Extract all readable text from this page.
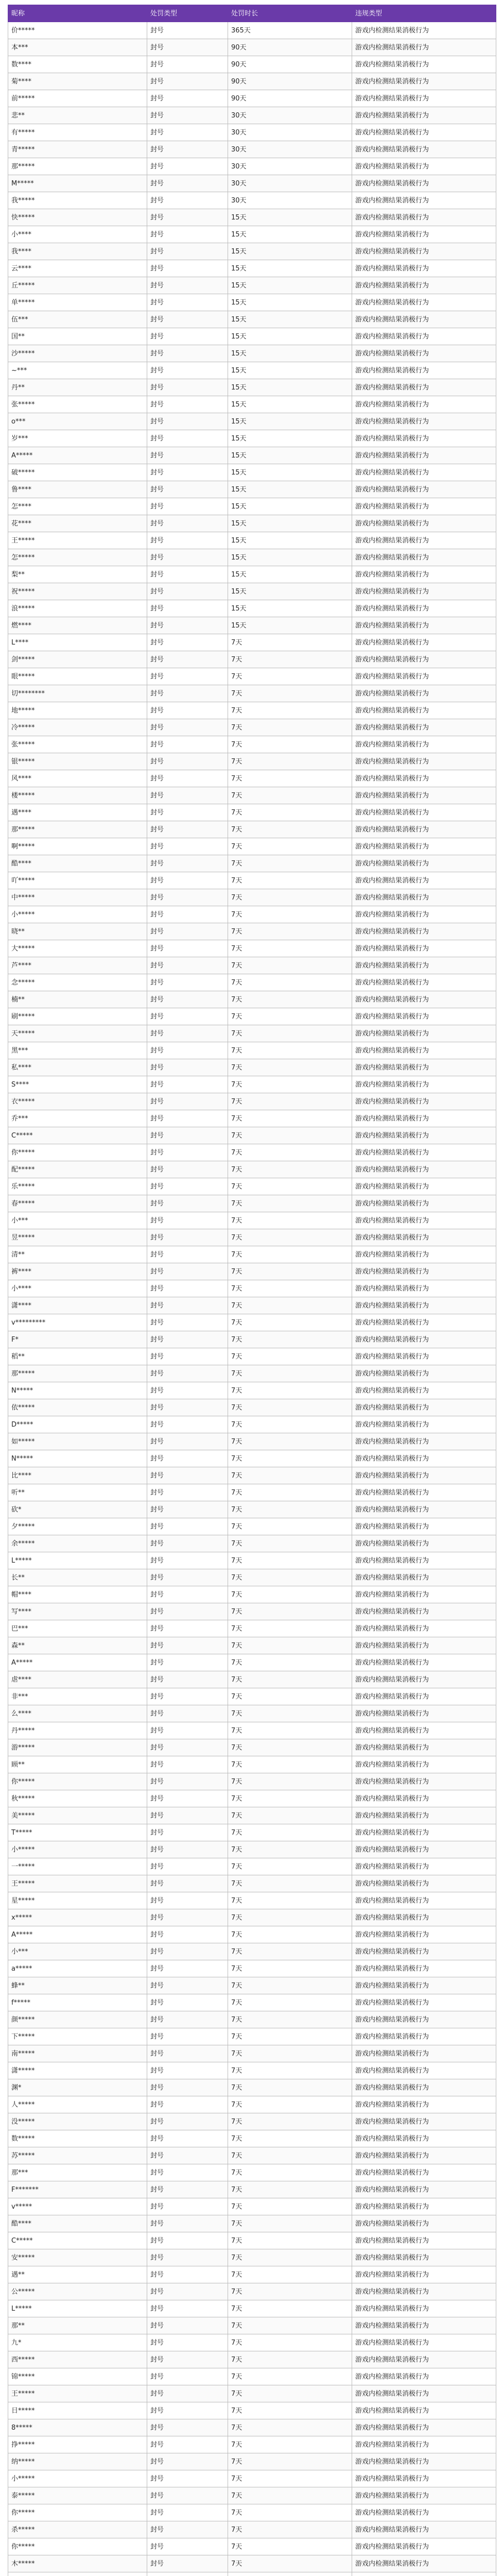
昵称	处罚类型	处罚时长	违规类型
价*****	封号	365天	游戏内检测结果消极行为
本***	封号	90天	游戏内检测结果消极行为
数****	封号	90天	游戏内检测结果消极行为
菊****	封号	90天	游戏内检测结果消极行为
前*****	封号	90天	游戏内检测结果消极行为
悲**	封号	30天	游戏内检测结果消极行为
有*****	封号	30天	游戏内检测结果消极行为
青*****	封号	30天	游戏内检测结果消极行为
那*****	封号	30天	游戏内检测结果消极行为
M*****	封号	30天	游戏内检测结果消极行为
我*****	封号	30天	游戏内检测结果消极行为
快*****	封号	15天	游戏内检测结果消极行为
小****	封号	15天	游戏内检测结果消极行为
我****	封号	15天	游戏内检测结果消极行为
云****	封号	15天	游戏内检测结果消极行为
丘*****	封号	15天	游戏内检测结果消极行为
单*****	封号	15天	游戏内检测结果消极行为
伍***	封号	15天	游戏内检测结果消极行为
国**	封号	15天	游戏内检测结果消极行为
沙*****	封号	15天	游戏内检测结果消极行为
~***	封号	15天	游戏内检测结果消极行为
丹**	封号	15天	游戏内检测结果消极行为
张*****	封号	15天	游戏内检测结果消极行为
o***	封号	15天	游戏内检测结果消极行为
岁***	封号	15天	游戏内检测结果消极行为
A*****	封号	15天	游戏内检测结果消极行为
破*****	封号	15天	游戏内检测结果消极行为
鲁****	封号	15天	游戏内检测结果消极行为
怎****	封号	15天	游戏内检测结果消极行为
花****	封号	15天	游戏内检测结果消极行为
王*****	封号	15天	游戏内检测结果消极行为
怎*****	封号	15天	游戏内检测结果消极行为
梨**	封号	15天	游戏内检测结果消极行为
祝*****	封号	15天	游戏内检测结果消极行为
浪*****	封号	15天	游戏内检测结果消极行为
燃****	封号	15天	游戏内检测结果消极行为
L****	封号	7天	游戏内检测结果消极行为
剑*****	封号	7天	游戏内检测结果消极行为
眼*****	封号	7天	游戏内检测结果消极行为
切********	封号	7天	游戏内检测结果消极行为
地*****	封号	7天	游戏内检测结果消极行为
冷*****	封号	7天	游戏内检测结果消极行为
张*****	封号	7天	游戏内检测结果消极行为
银*****	封号	7天	游戏内检测结果消极行为
风****	封号	7天	游戏内检测结果消极行为
楼*****	封号	7天	游戏内检测结果消极行为
遇****	封号	7天	游戏内检测结果消极行为
那*****	封号	7天	游戏内检测结果消极行为
啊*****	封号	7天	游戏内检测结果消极行为
酷****	封号	7天	游戏内检测结果消极行为
吖*****	封号	7天	游戏内检测结果消极行为
中*****	封号	7天	游戏内检测结果消极行为
小*****	封号	7天	游戏内检测结果消极行为
晓**	封号	7天	游戏内检测结果消极行为
大*****	封号	7天	游戏内检测结果消极行为
芦****	封号	7天	游戏内检测结果消极行为
念*****	封号	7天	游戏内检测结果消极行为
楠**	封号	7天	游戏内检测结果消极行为
刷*****	封号	7天	游戏内检测结果消极行为
天*****	封号	7天	游戏内检测结果消极行为
黑***	封号	7天	游戏内检测结果消极行为
私****	封号	7天	游戏内检测结果消极行为
S****	封号	7天	游戏内检测结果消极行为
衣*****	封号	7天	游戏内检测结果消极行为
乔***	封号	7天	游戏内检测结果消极行为
C*****	封号	7天	游戏内检测结果消极行为
你*****	封号	7天	游戏内检测结果消极行为
配*****	封号	7天	游戏内检测结果消极行为
乐*****	封号	7天	游戏内检测结果消极行为
春*****	封号	7天	游戏内检测结果消极行为
小***	封号	7天	游戏内检测结果消极行为
昱*****	封号	7天	游戏内检测结果消极行为
清**	封号	7天	游戏内检测结果消极行为
裤****	封号	7天	游戏内检测结果消极行为
小****	封号	7天	游戏内检测结果消极行为
潇****	封号	7天	游戏内检测结果消极行为
v*********	封号	7天	游戏内检测结果消极行为
F*	封号	7天	游戏内检测结果消极行为
稻**	封号	7天	游戏内检测结果消极行为
那*****	封号	7天	游戏内检测结果消极行为
N*****	封号	7天	游戏内检测结果消极行为
依*****	封号	7天	游戏内检测结果消极行为
D*****	封号	7天	游戏内检测结果消极行为
如*****	封号	7天	游戏内检测结果消极行为
N*****	封号	7天	游戏内检测结果消极行为
比****	封号	7天	游戏内检测结果消极行为
听**	封号	7天	游戏内检测结果消极行为
砍*	封号	7天	游戏内检测结果消极行为
夕*****	封号	7天	游戏内检测结果消极行为
余*****	封号	7天	游戏内检测结果消极行为
L*****	封号	7天	游戏内检测结果消极行为
长**	封号	7天	游戏内检测结果消极行为
帽****	封号	7天	游戏内检测结果消极行为
写****	封号	7天	游戏内检测结果消极行为
巴***	封号	7天	游戏内检测结果消极行为
森**	封号	7天	游戏内检测结果消极行为
A*****	封号	7天	游戏内检测结果消极行为
虐****	封号	7天	游戏内检测结果消极行为
非***	封号	7天	游戏内检测结果消极行为
么****	封号	7天	游戏内检测结果消极行为
丹*****	封号	7天	游戏内检测结果消极行为
游*****	封号	7天	游戏内检测结果消极行为
顾**	封号	7天	游戏内检测结果消极行为
你*****	封号	7天	游戏内检测结果消极行为
秋*****	封号	7天	游戏内检测结果消极行为
美*****	封号	7天	游戏内检测结果消极行为
T*****	封号	7天	游戏内检测结果消极行为
小*****	封号	7天	游戏内检测结果消极行为
一*****	封号	7天	游戏内检测结果消极行为
王*****	封号	7天	游戏内检测结果消极行为
星*****	封号	7天	游戏内检测结果消极行为
x*****	封号	7天	游戏内检测结果消极行为
A*****	封号	7天	游戏内检测结果消极行为
小***	封号	7天	游戏内检测结果消极行为
a*****	封号	7天	游戏内检测结果消极行为
蜂**	封号	7天	游戏内检测结果消极行为
f*****	封号	7天	游戏内检测结果消极行为
颜*****	封号	7天	游戏内检测结果消极行为
下*****	封号	7天	游戏内检测结果消极行为
南*****	封号	7天	游戏内检测结果消极行为
潇*****	封号	7天	游戏内检测结果消极行为
渊*	封号	7天	游戏内检测结果消极行为
人*****	封号	7天	游戏内检测结果消极行为
没*****	封号	7天	游戏内检测结果消极行为
数*****	封号	7天	游戏内检测结果消极行为
苏*****	封号	7天	游戏内检测结果消极行为
那***	封号	7天	游戏内检测结果消极行为
F*******	封号	7天	游戏内检测结果消极行为
v*****	封号	7天	游戏内检测结果消极行为
酷****	封号	7天	游戏内检测结果消极行为
C*****	封号	7天	游戏内检测结果消极行为
安*****	封号	7天	游戏内检测结果消极行为
遇**	封号	7天	游戏内检测结果消极行为
公*****	封号	7天	游戏内检测结果消极行为
L*****	封号	7天	游戏内检测结果消极行为
那**	封号	7天	游戏内检测结果消极行为
九*	封号	7天	游戏内检测结果消极行为
西*****	封号	7天	游戏内检测结果消极行为
锦*****	封号	7天	游戏内检测结果消极行为
王*****	封号	7天	游戏内检测结果消极行为
日*****	封号	7天	游戏内检测结果消极行为
8*****	封号	7天	游戏内检测结果消极行为
挣*****	封号	7天	游戏内检测结果消极行为
纳*****	封号	7天	游戏内检测结果消极行为
小*****	封号	7天	游戏内检测结果消极行为
泰*****	封号	7天	游戏内检测结果消极行为
你*****	封号	7天	游戏内检测结果消极行为
杀*****	封号	7天	游戏内检测结果消极行为
你*****	封号	7天	游戏内检测结果消极行为
木*****	封号	7天	游戏内检测结果消极行为
